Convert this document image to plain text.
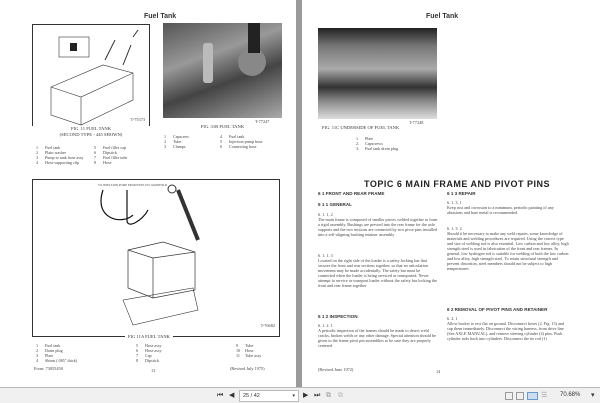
Fuel Tank
T-75373
FIG. 11 FUEL TANK
(SECOND TYPE - 445 SHOWN)
1 Fuel tank
2 Plain washer
3 Pump to tank hose assy
4 Hose supporting clip
5 Fuel filler cap
6 Dipstick
7 Fuel filler tube
8 Hose
T-77247
FIG. 31B FUEL TANK
1 Capscrew
2 Tube
3 Clamps
4 Fuel tank
5 Injection pump hose
6 Connecting hose
TO INJECTION PUMP FROM FUEL INJ. MANIFOLD
T-76682
FIG 11A FUEL TANK
1 Fuel tank
2 Drain plug
3 Plate
4 Shims (.065" thick)
5 Hose assy
6 Hose assy
7 Cap
8 Dipstick
9 Tube
10 Hose
11 Tube assy
Form: 73055458	13	(Revised July 1975)
Fuel Tank
T-77248
FIG. 11C UNDERSIDE OF FUEL TANK
1. Plate
2. Capscrews
3. Fuel tank drain plug
TOPIC 6 MAIN FRAME AND PIVOT PINS
6 1 FRONT AND REAR FRAME
6 1 1 GENERAL
6. 1. 1. 2
The main frame is composed of smaller pieces welded together to form a rigid assembly. Bushings are pressed into the rear frame for the axle supports and the two sections are connected by two pivot pins installed into a self-aligning bushing retainer assembly
6. 1. 1. 3
Located on the right side of the loader is a safety locking bar that secures the front and rear sections together, so that no articulation movement may be made accidentally. The safety bar must be connected when the loader is being serviced or transported. Never attempt to service or transport loader without the safety bar locking the front and rear frame together
6 1 2 INSPECTION
6. 1. 2. 1
A periodic inspection of the frames should be made to detect weld cracks, broken welds or any other damage. Special attention should be given to the frame pivot pin assemblies to be sure they are properly centered
(Revised June 1972)	14
6 1 3 REPAIR
6. 1. 3. 1
Keep rust and corrosion to a minimum, periodic painting of any abrasions and bare metal is recommended
6. 1. 3. 2
Should it be necessary to make any weld repairs, some knowledge of materials and welding procedures are required. Using the correct type and size of welding rod is also essential. Low carbon and low alloy, high strength steel is used in fabrication of the front and rear frames. In general, low hydrogen rod is suitable for welding of both the low carbon and low alloy, high strength steel. To retain structural strength and prevent distortion, steel members should not be subject to high temperatures
6 2 REMOVAL OF PIVOT PINS AND RETAINER
6. 2. 1
Allow bucket to rest flat on ground. Disconnect hoses (2, Fig. 13) and cap them immediately. Disconnect the wiring harness, front drive line (See AXLE MANUAL), and remove steering cylinder (4) pins. Push cylinder rods back into cylinders. Disconnect the tie rod (1)
⏮ ◀	25 / 42	▾ ▶ ⏭ ⧉ ⧉	☰ 70.68% ▾
